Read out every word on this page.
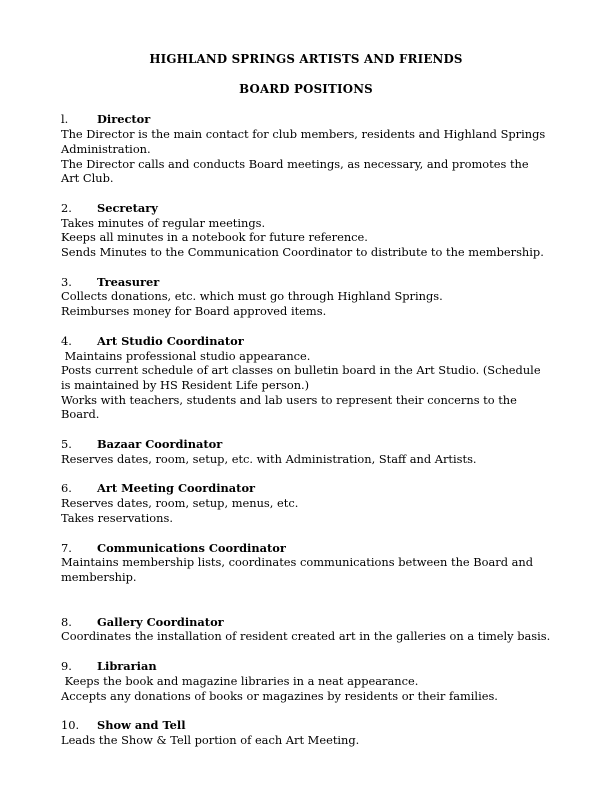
HIGHLAND SPRINGS ARTISTS AND FRIENDS
BOARD POSITIONS
l.	Director
The Director is the main contact for club members, residents and Highland Springs
Administration.
The Director calls and conducts Board meetings, as necessary, and promotes the
Art Club.
2. Secretary
Takes minutes of regular meetings.
Keeps all minutes in a notebook for future reference.
Sends Minutes to the Communication Coordinator to distribute to the membership.
3. Treasurer
Collects donations, etc. which must go through Highland Springs.
Reimburses money for Board approved items.
4. Art Studio Coordinator
Maintains professional studio appearance.
Posts current schedule of art classes on bulletin board in the Art Studio. (Schedule
is maintained by HS Resident Life person.)
Works with teachers, students and lab users to represent their concerns to the
Board.
5. Bazaar Coordinator
Reserves dates, room, setup, etc. with Administration, Staff and Artists.
6. Art Meeting Coordinator
Reserves dates, room, setup, menus, etc.
Takes reservations.
7. Communications Coordinator
Maintains membership lists, coordinates communications between the Board and
membership.
8. Gallery Coordinator
Coordinates the installation of resident created art in the galleries on a timely basis.
9. Librarian
Keeps the book and magazine libraries in a neat appearance.
Accepts any donations of books or magazines by residents or their families.
10. Show and Tell
Leads the Show & Tell portion of each Art Meeting.
